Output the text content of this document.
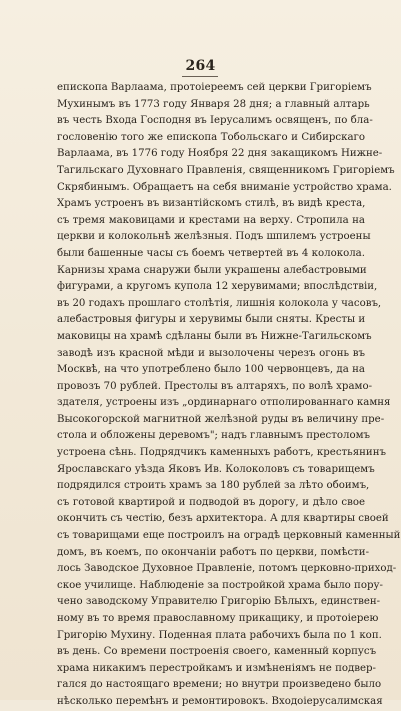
264
епископа Варлаама, протоіереемъ сей церкви Григоріемъ
Мухинымъ въ 1773 году Января 28 дня; а главный алтарь
въ честь Входа Господня въ Іерусалимъ освященъ, по бла-
гословенію того же епископа Тобольскаго и Сибирскаго
Варлаама, въ 1776 году Ноября 22 дня закащикомъ Нижне-
Тагильскаго Духовнаго Правленія, священникомъ Григоріемъ
Скрябинымъ. Обращаетъ на себя вниманіе устройство храма.
Храмъ устроенъ въ византійскомъ стилѣ, въ видѣ креста,
съ тремя маковицами и крестами на верху. Стропила на
церкви и колокольнѣ желѣзныя. Подъ шпилемъ устроены
были башенные часы съ боемъ четвертей въ 4 колокола.
Карнизы храма снаружи были украшены алебастровыми
фигурами, а кругомъ купола 12 херувимами; впослѣдствіи,
въ 20 годахъ прошлаго столѣтія, лишнія колокола у часовъ,
алебастровыя фигуры и херувимы были сняты. Кресты и
маковицы на храмѣ сдѣланы были въ Нижне-Тагильскомъ
заводѣ изъ красной мѣди и вызолочены черезъ огонь въ
Москвѣ, на что употреблено было 100 червонцевъ, да на
провозъ 70 рублей. Престолы въ алтаряхъ, по волѣ храмо-
здателя, устроены изъ „ординарнаго отполированнаго камня
Высокогорской магнитной желѣзной руды въ величину пре-
стола и обложены деревомъ"; надъ главнымъ престоломъ
устроена сѣнь. Подрядчикъ каменныхъ работъ, крестьянинъ
Ярославскаго уѣзда Яковъ Ив. Колоколовъ съ товарищемъ
подрядился строить храмъ за 180 рублей за лѣто обоимъ,
съ готовой квартирой и подводой въ дорогу, и дѣло свое
окончить съ честію, безъ архитектора. А для квартиры своей
съ товарищами еще построилъ на оградѣ церковный каменный
домъ, въ коемъ, по окончаніи работъ по церкви, помѣсти-
лось Заводское Духовное Правленіе, потомъ церковно-приход-
ское училище. Наблюденіе за постройкой храма было пору-
чено заводскому Управителю Григорію Бѣлыхъ, единствен-
ному въ то время православному прикащику, и протоіерею
Григорію Мухину. Поденная плата рабочихъ была по 1 коп.
въ день. Со времени построенія своего, каменный корпусъ
храма никакимъ перестройкамъ и измѣненіямъ не подвер-
гался до настоящаго времени; но внутри произведено было
нѣсколько перемѣнъ и ремонтировокъ. Входоіерусалимская
